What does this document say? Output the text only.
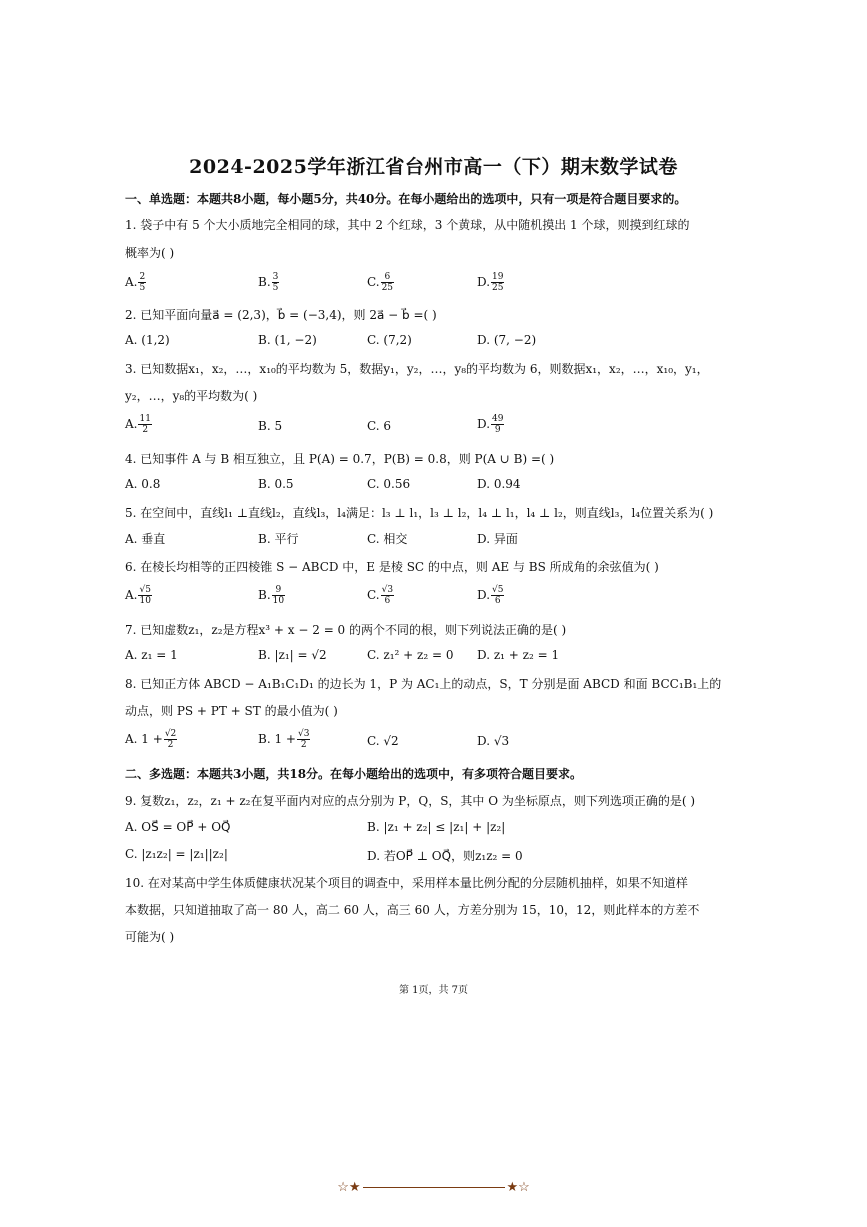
2024-2025学年浙江省台州市高一（下）期末数学试卷
一、单选题：本题共8小题，每小题5分，共40分。在每小题给出的选项中，只有一项是符合题目要求的。
1. 袋子中有 5 个大小质地完全相同的球，其中 2 个红球，3 个黄球，从中随机摸出 1 个球，则摸到红球的
概率为( )
A. $\frac{2}{5}$	B. $\frac{3}{5}$	C. $\frac{6}{25}$	D. $\frac{19}{25}$
2. 已知平面向量a⃗ = (2,3)，b⃗ = (−3,4)，则 2a⃗ − b⃗ =( )
A. (1,2)	B. (1, −2)	C. (7,2)	D. (7, −2)
3. 已知数据x₁，x₂，…，x₁₀的平均数为 5，数据y₁，y₂，…，y₈的平均数为 6，则数据x₁，x₂，…，x₁₀，y₁，
y₂，…，y₈的平均数为( )
A. $\frac{11}{2}$	B. 5	C. 6	D. $\frac{49}{9}$
4. 已知事件 A 与 B 相互独立，且 P(A) = 0.7，P(B) = 0.8，则 P(A ∪ B) =( )
A. 0.8	B. 0.5	C. 0.56	D. 0.94
5. 在空间中，直线l₁ ⊥直线l₂，直线l₃，l₄满足：l₃ ⊥ l₁，l₃ ⊥ l₂，l₄ ⊥ l₁，l₄ ⊥ l₂，则直线l₃，l₄位置关系为( )
A. 垂直	B. 平行	C. 相交	D. 异面
6. 在棱长均相等的正四棱锥 S − ABCD 中，E 是棱 SC 的中点，则 AE 与 BS 所成角的余弦值为( )
A. $\frac{√5}{10}$	B. $\frac{9}{10}$	C. $\frac{√3}{6}$	D. $\frac{√5}{6}$
7. 已知虚数z₁，z₂是方程x³ + x − 2 = 0 的两个不同的根，则下列说法正确的是( )
A. z₁ = 1	B. |z₁| = √2	C. z₁² + z₂ = 0 D. z₁ + z₂ = 1
8. 已知正方体 ABCD − A₁B₁C₁D₁ 的边长为 1，P 为 AC₁上的动点，S，T 分别是面 ABCD 和面 BCC₁B₁上的
动点，则 PS + PT + ST 的最小值为( )
A. $1 + \frac{√2}{2}$	B. $1 + \frac{√3}{2}$	C. √2	D. √3
二、多选题：本题共3小题，共18分。在每小题给出的选项中，有多项符合题目要求。
9. 复数z₁，z₂，z₁ + z₂在复平面内对应的点分别为 P，Q，S，其中 O 为坐标原点，则下列选项正确的是( )
A. OS⃗ = OP⃗ + OQ⃗	B. |z₁ + z₂| ≤ |z₁| + |z₂|
C. |z₁z₂| = |z₁||z₂|	D. 若OP⃗ ⊥ OQ⃗，则z₁z₂ = 0
10. 在对某高中学生体质健康状况某个项目的调查中，采用样本量比例分配的分层随机抽样，如果不知道样
本数据，只知道抽取了高一 80 人，高二 60 人，高三 60 人，方差分别为 15，10，12，则此样本的方差不
可能为( )
第 1页，共 7页
☆★	★☆
